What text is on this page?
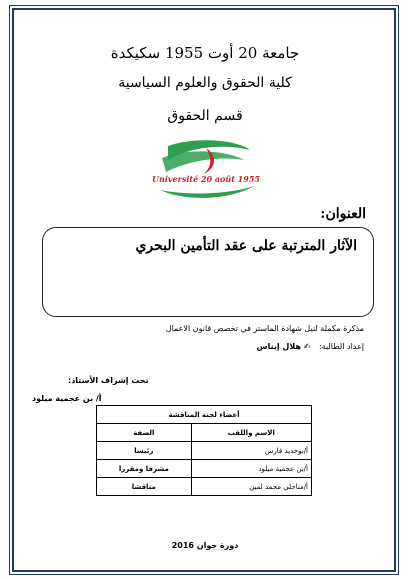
جامعة 20 أوت 1955 سكيكدة
كلية الحقوق والعلوم السياسية
قسم الحقوق
Université 20 août 1955
العنوان:
الآثار المترتبة على عقد التأمين البحري
مذكرة مكملة لنيل شهادة الماستر في تخصص قانون الاعمال
إعداد الطالبة: ✍ هلال إيناس
تحت إشراف الأستاذ:
أ/ بن عجمية ميلود
أعضاء لجنة المناقشة	
الاسم واللقب	الصفة
أ/بوحديد فارس	رئيسا
أ/بن عجمية ميلود	مشرفا ومقررا
أ/مناجلي محمد لمين	مناقشا
دورة جوان 2016
